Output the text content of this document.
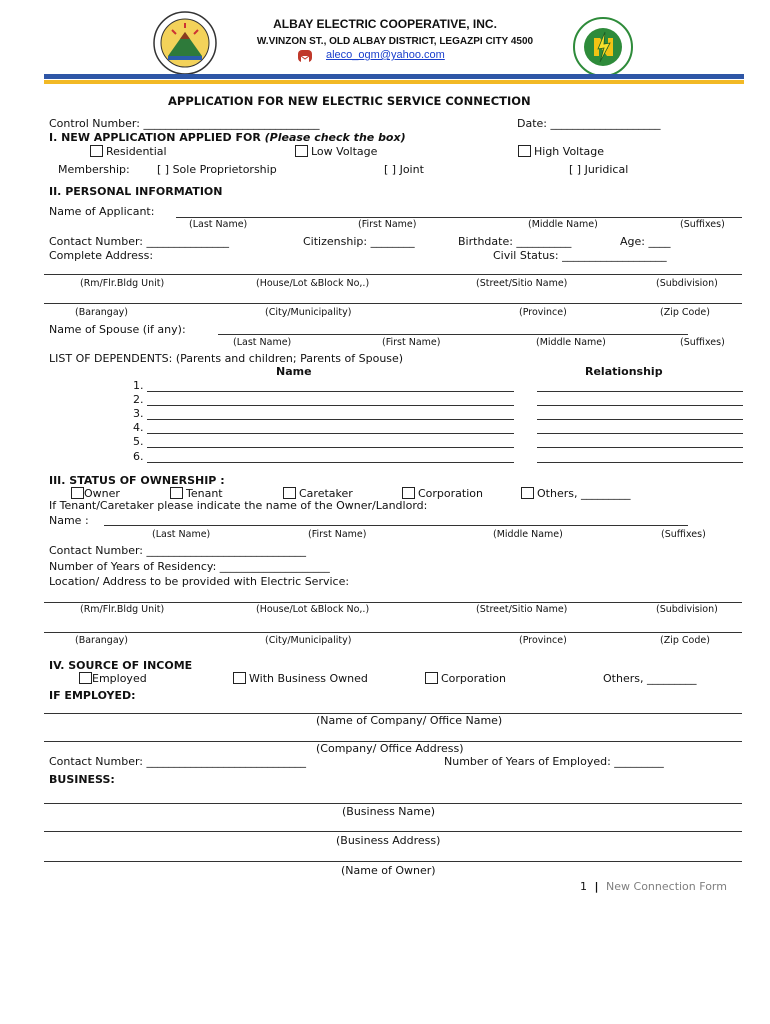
ALBAY ELECTRIC COOPERATIVE, INC.
W.VINZON ST., OLD ALBAY DISTRICT, LEGAZPI CITY 4500
aleco_ogm@yahoo.com
APPLICATION FOR NEW ELECTRIC SERVICE CONNECTION
Control Number: ________________________________	Date: ____________________
I. NEW APPLICATION APPLIED FOR (Please check the box)
Residential	Low Voltage	High Voltage
Membership: [ ] Sole Proprietorship	[ ] Joint	[ ] Juridical
II. PERSONAL INFORMATION
Name of Applicant:
(Last Name)	(First Name)	(Middle Name)	(Suffixes)
Contact Number: _______________	Citizenship: ________	Birthdate: __________	Age: ____
Complete Address:	Civil Status: ___________________
(Rm/Flr.Bldg Unit)	(House/Lot &Block No,.)	(Street/Sitio Name)	(Subdivision)
(Barangay)	(City/Municipality)	(Province)	(Zip Code)
Name of Spouse (if any):
(Last Name)	(First Name)	(Middle Name)	(Suffixes)
LIST OF DEPENDENTS: (Parents and children; Parents of Spouse)
Name	Relationship
1.
2.
3.
4.
5.
6.
III. STATUS OF OWNERSHIP :
Owner	Tenant	Caretaker	Corporation	Others, _________
If Tenant/Caretaker please indicate the name of the Owner/Landlord:
Name :
(Last Name)	(First Name)	(Middle Name)	(Suffixes)
Contact Number: _____________________________
Number of Years of Residency: ____________________
Location/ Address to be provided with Electric Service:
(Rm/Flr.Bldg Unit)	(House/Lot &Block No,.)	(Street/Sitio Name)	(Subdivision)
(Barangay)	(City/Municipality)	(Province)	(Zip Code)
IV. SOURCE OF INCOME
Employed	With Business Owned	Corporation	Others, _________
IF EMPLOYED:
(Name of Company/ Office Name)
(Company/ Office Address)
Contact Number: _____________________________	Number of Years of Employed: _________
BUSINESS:
(Business Name)
(Business Address)
(Name of Owner)
1 | New Connection Form
